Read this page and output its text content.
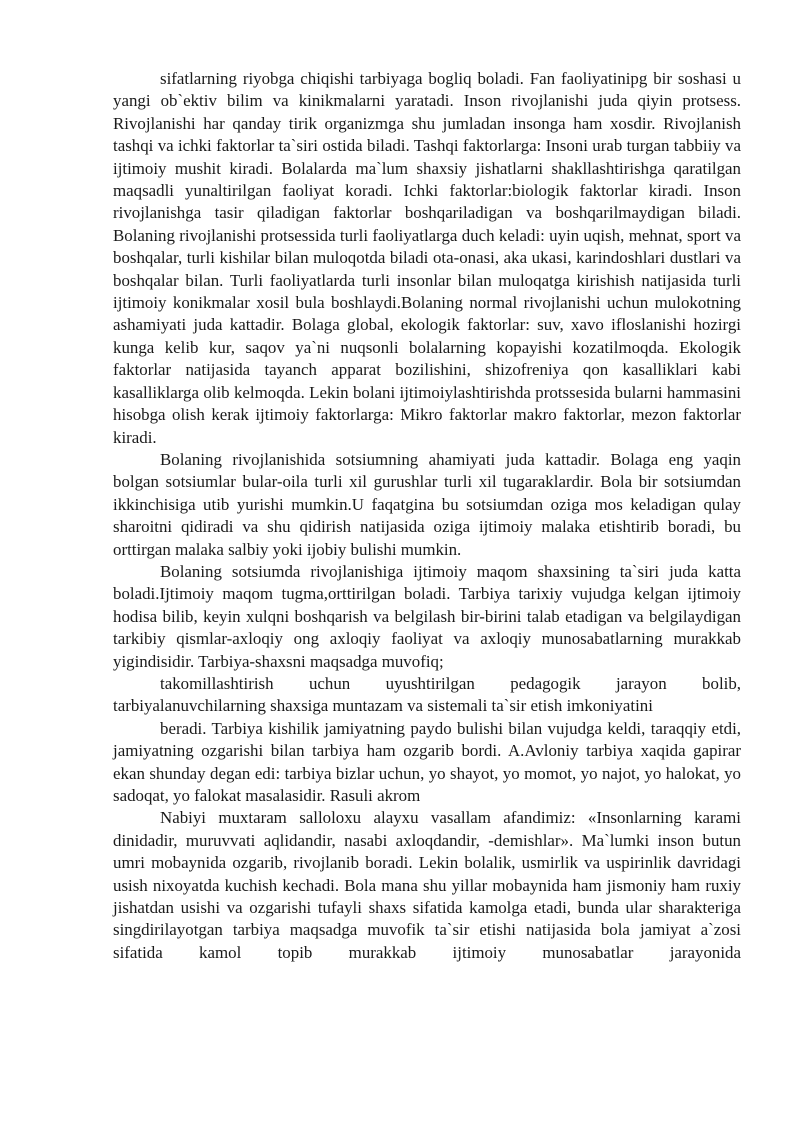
sifatlarning riyobga chiqishi tarbiyaga bogliq boladi. Fan faoliyatinipg bir soshasi u yangi ob`ektiv bilim va kinikmalarni yaratadi. Inson rivojlanishi juda qiyin protsess. Rivojlanishi har qanday tirik organizmga shu jumladan insonga ham xosdir. Rivojlanish tashqi va ichki faktorlar ta`siri ostida biladi. Tashqi faktorlarga: Insoni urab turgan tabbiiy va ijtimoiy mushit kiradi. Bolalarda ma`lum shaxsiy jishatlarni shakllashtirishga qaratilgan maqsadli yunaltirilgan faoliyat koradi. Ichki faktorlar:biologik faktorlar kiradi. Inson rivojlanishga tasir qiladigan faktorlar boshqariladigan va boshqarilmaydigan biladi. Bolaning rivojlanishi protsessida turli faoliyatlarga duch keladi: uyin uqish, mehnat, sport va boshqalar, turli kishilar bilan muloqotda biladi ota-onasi, aka ukasi, karindoshlari dustlari va boshqalar bilan. Turli faoliyatlarda turli insonlar bilan muloqatga kirishish natijasida turli ijtimoiy konikmalar xosil bula boshlaydi.Bolaning normal rivojlanishi uchun mulokotning ashamiyati juda kattadir. Bolaga global, ekologik faktorlar: suv, xavo ifloslanishi hozirgi kunga kelib kur, saqov ya`ni nuqsonli bolalarning kopayishi kozatilmoqda. Ekologik faktorlar natijasida tayanch apparat bozilishini, shizofreniya qon kasalliklari kabi kasalliklarga olib kelmoqda. Lekin bolani ijtimoiylashtirishda protssesida bularni hammasini hisobga olish kerak ijtimoiy faktorlarga: Mikro faktorlar makro faktorlar, mezon faktorlar kiradi.

Bolaning rivojlanishida sotsiumning ahamiyati juda kattadir. Bolaga eng yaqin bolgan sotsiumlar bular-oila turli xil gurushlar turli xil tugaraklardir. Bola bir sotsiumdan ikkinchisiga utib yurishi mumkin.U faqatgina bu sotsiumdan oziga mos keladigan qulay sharoitni qidiradi va shu qidirish natijasida oziga ijtimoiy malaka etishtirib boradi, bu orttirgan malaka salbiy yoki ijobiy bulishi mumkin.

Bolaning sotsiumda rivojlanishiga ijtimoiy maqom shaxsining ta`siri juda katta boladi.Ijtimoiy maqom tugma,orttirilgan boladi. Tarbiya tarixiy vujudga kelgan ijtimoiy hodisa bilib, keyin xulqni boshqarish va belgilash bir-birini talab etadigan va belgilaydigan tarkibiy qismlar-axloqiy ong axloqiy faoliyat va axloqiy munosabatlarning murakkab yigindisidir. Tarbiya-shaxsni maqsadga muvofiq;

takomillashtirish uchun uyushtirilgan pedagogik jarayon bolib, tarbiyalanuvchilarning shaxsiga muntazam va sistemali ta`sir etish imkoniyatini

beradi. Tarbiya kishilik jamiyatning paydo bulishi bilan vujudga keldi, taraqqiy etdi, jamiyatning ozgarishi bilan tarbiya ham ozgarib bordi. A.Avloniy tarbiya xaqida gapirar ekan shunday degan edi: tarbiya bizlar uchun, yo shayot, yo momot, yo najot, yo halokat, yo sadoqat, yo falokat masalasidir. Rasuli akrom

Nabiyi muxtaram salloloxu alayxu vasallam afandimiz: «Insonlarning karami dinidadir, muruvvati aqlidandir, nasabi axloqdandir, -demishlar». Ma`lumki inson butun umri mobaynida ozgarib, rivojlanib boradi. Lekin bolalik, usmirlik va uspirinlik davridagi usish nixoyatda kuchish kechadi. Bola mana shu yillar mobaynida ham jismoniy ham ruxiy jishatdan usishi va ozgarishi tufayli shaxs sifatida kamolga etadi, bunda ular sharakteriga singdirilayotgan tarbiya maqsadga muvofik ta`sir etishi natijasida bola jamiyat a`zosi sifatida kamol topib murakkab ijtimoiy munosabatlar jarayonida
